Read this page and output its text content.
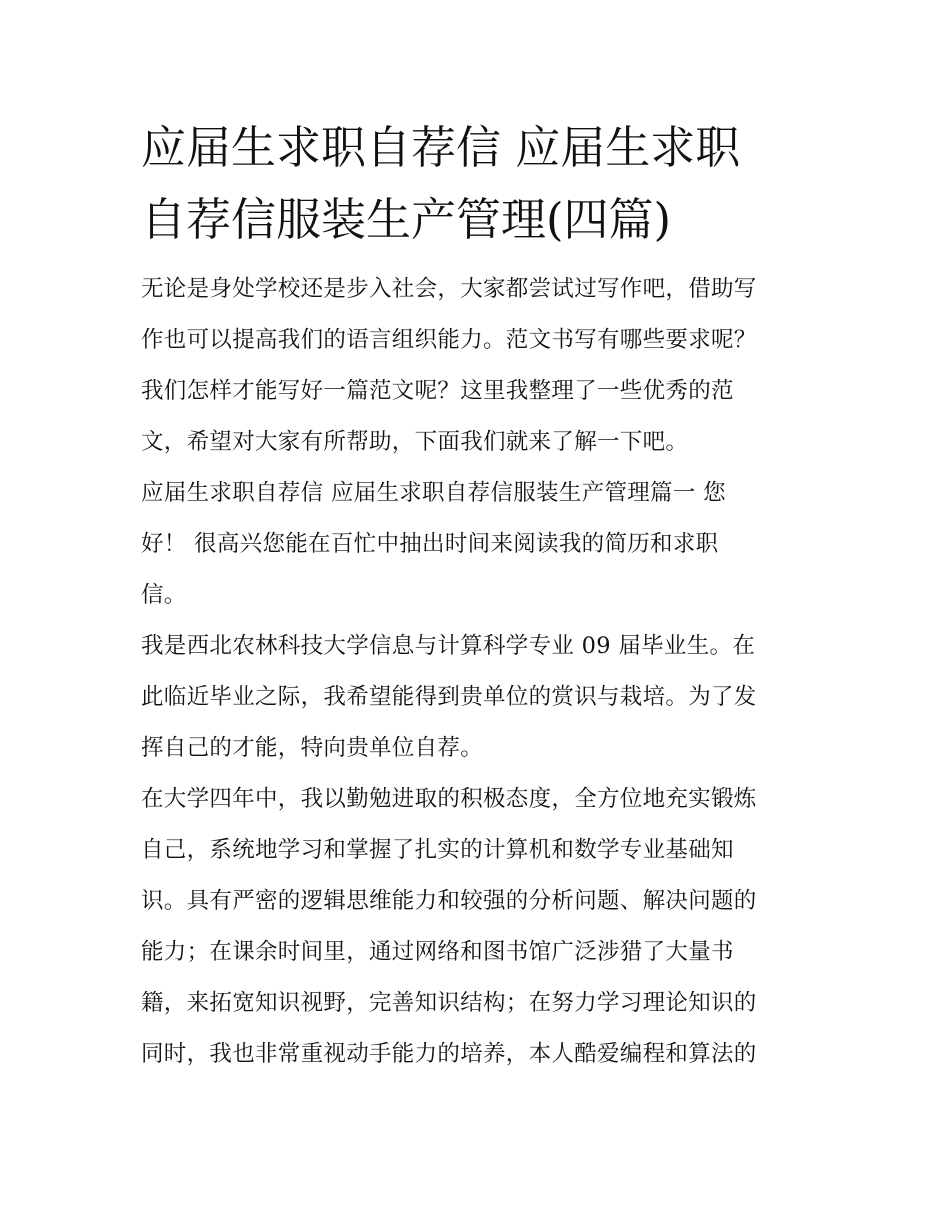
应届生求职自荐信 应届生求职
自荐信服装生产管理(四篇)

无论是身处学校还是步入社会，大家都尝试过写作吧，借助写
作也可以提高我们的语言组织能力。范文书写有哪些要求呢？
我们怎样才能写好一篇范文呢？这里我整理了一些优秀的范
文，希望对大家有所帮助，下面我们就来了解一下吧。

应届生求职自荐信 应届生求职自荐信服装生产管理篇一 您
好！ 很高兴您能在百忙中抽出时间来阅读我的简历和求职
信。

我是西北农林科技大学信息与计算科学专业 09 届毕业生。在
此临近毕业之际，我希望能得到贵单位的赏识与栽培。为了发
挥自己的才能，特向贵单位自荐。

在大学四年中，我以勤勉进取的积极态度，全方位地充实锻炼
自己，系统地学习和掌握了扎实的计算机和数学专业基础知
识。具有严密的逻辑思维能力和较强的分析问题、解决问题的
能力；在课余时间里，通过网络和图书馆广泛涉猎了大量书
籍，来拓宽知识视野，完善知识结构；在努力学习理论知识的
同时，我也非常重视动手能力的培养，本人酷爱编程和算法的
